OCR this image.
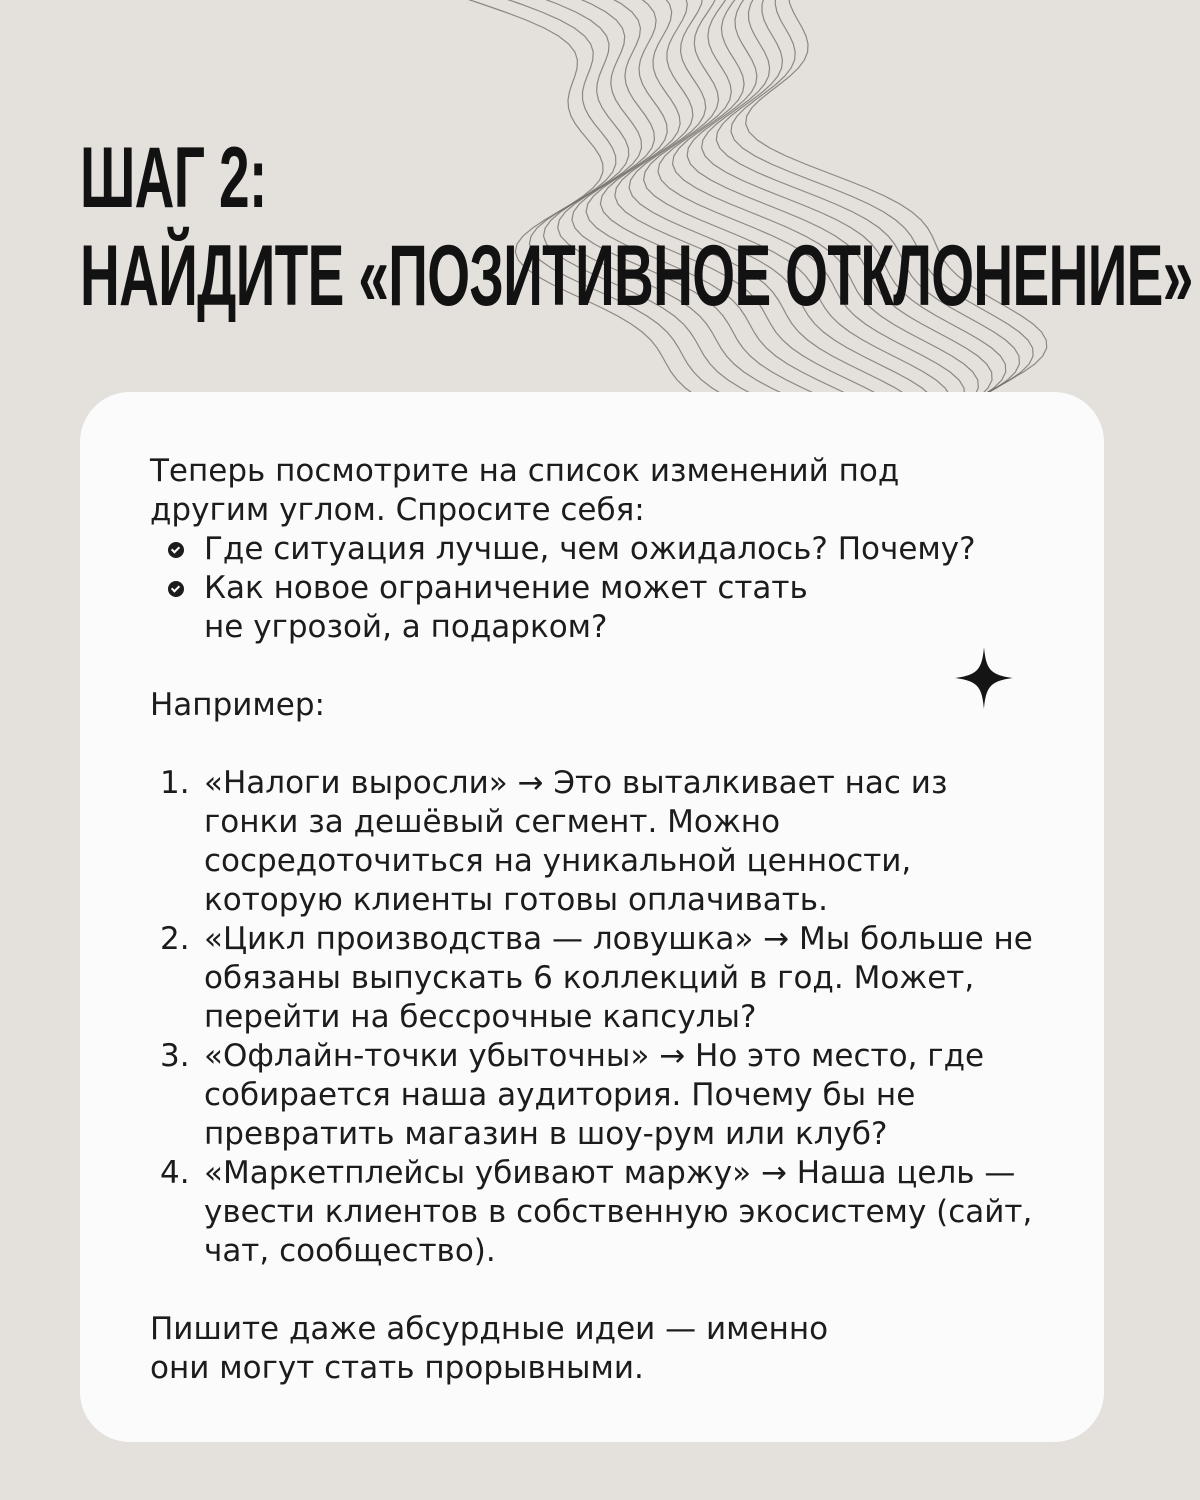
ШАГ 2:
НАЙДИТЕ «ПОЗИТИВНОЕ ОТКЛОНЕНИЕ»

Теперь посмотрите на список изменений под другим углом. Спросите себя:

Где ситуация лучше, чем ожидалось? Почему?
Как новое ограничение может стать не угрозой, а подарком?

Например:

1. «Налоги выросли» → Это выталкивает нас из гонки за дешёвый сегмент. Можно сосредоточиться на уникальной ценности, которую клиенты готовы оплачивать.
2. «Цикл производства — ловушка» → Мы больше не обязаны выпускать 6 коллекций в год. Может, перейти на бессрочные капсулы?
3. «Офлайн-точки убыточны» → Но это место, где собирается наша аудитория. Почему бы не превратить магазин в шоу-рум или клуб?
4. «Маркетплейсы убивают маржу» → Наша цель — увести клиентов в собственную экосистему (сайт, чат, сообщество).

Пишите даже абсурдные идеи — именно они могут стать прорывными.
